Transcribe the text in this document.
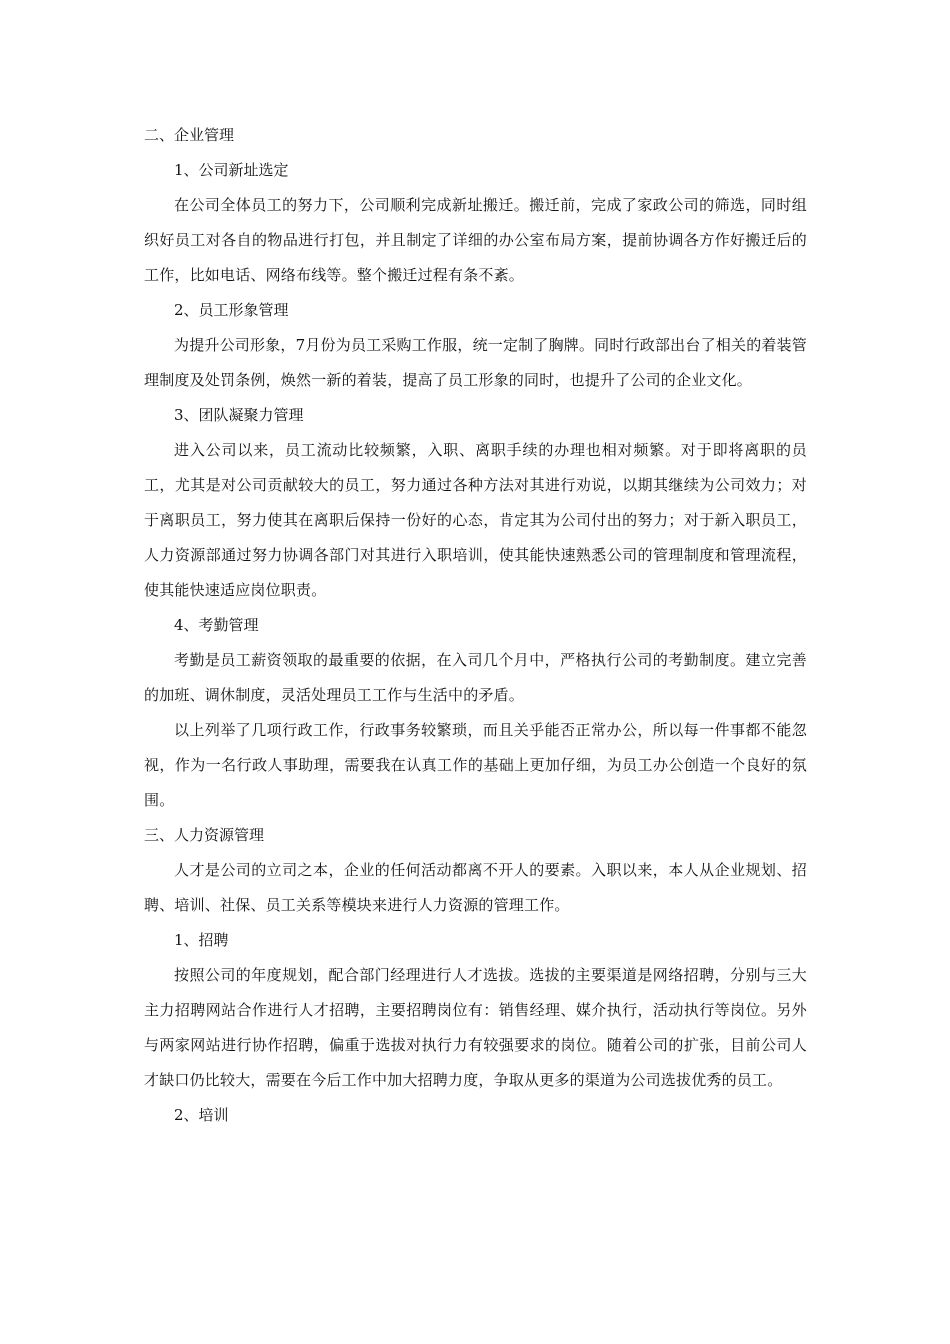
二、企业管理
1、公司新址选定

在公司全体员工的努力下，公司顺利完成新址搬迁。搬迁前，完成了家政公司的筛选，同时组织好员工对各自的物品进行打包，并且制定了详细的办公室布局方案，提前协调各方作好搬迁后的工作，比如电话、网络布线等。整个搬迁过程有条不紊。

2、员工形象管理

为提升公司形象，7月份为员工采购工作服，统一定制了胸牌。同时行政部出台了相关的着装管理制度及处罚条例，焕然一新的着装，提高了员工形象的同时，也提升了公司的企业文化。

3、团队凝聚力管理

进入公司以来，员工流动比较频繁，入职、离职手续的办理也相对频繁。对于即将离职的员工，尤其是对公司贡献较大的员工，努力通过各种方法对其进行劝说，以期其继续为公司效力；对于离职员工，努力使其在离职后保持一份好的心态，肯定其为公司付出的努力；对于新入职员工，人力资源部通过努力协调各部门对其进行入职培训，使其能快速熟悉公司的管理制度和管理流程，使其能快速适应岗位职责。

4、考勤管理

考勤是员工薪资领取的最重要的依据，在入司几个月中，严格执行公司的考勤制度。建立完善的加班、调休制度，灵活处理员工工作与生活中的矛盾。

以上列举了几项行政工作，行政事务较繁琐，而且关乎能否正常办公，所以每一件事都不能忽视，作为一名行政人事助理，需要我在认真工作的基础上更加仔细，为员工办公创造一个良好的氛围。

三、人力资源管理

人才是公司的立司之本，企业的任何活动都离不开人的要素。入职以来，本人从企业规划、招聘、培训、社保、员工关系等模块来进行人力资源的管理工作。

1、招聘

按照公司的年度规划，配合部门经理进行人才选拔。选拔的主要渠道是网络招聘，分别与三大主力招聘网站合作进行人才招聘，主要招聘岗位有：销售经理、媒介执行，活动执行等岗位。另外与两家网站进行协作招聘，偏重于选拔对执行力有较强要求的岗位。随着公司的扩张，目前公司人才缺口仍比较大，需要在今后工作中加大招聘力度，争取从更多的渠道为公司选拔优秀的员工。

2、培训
